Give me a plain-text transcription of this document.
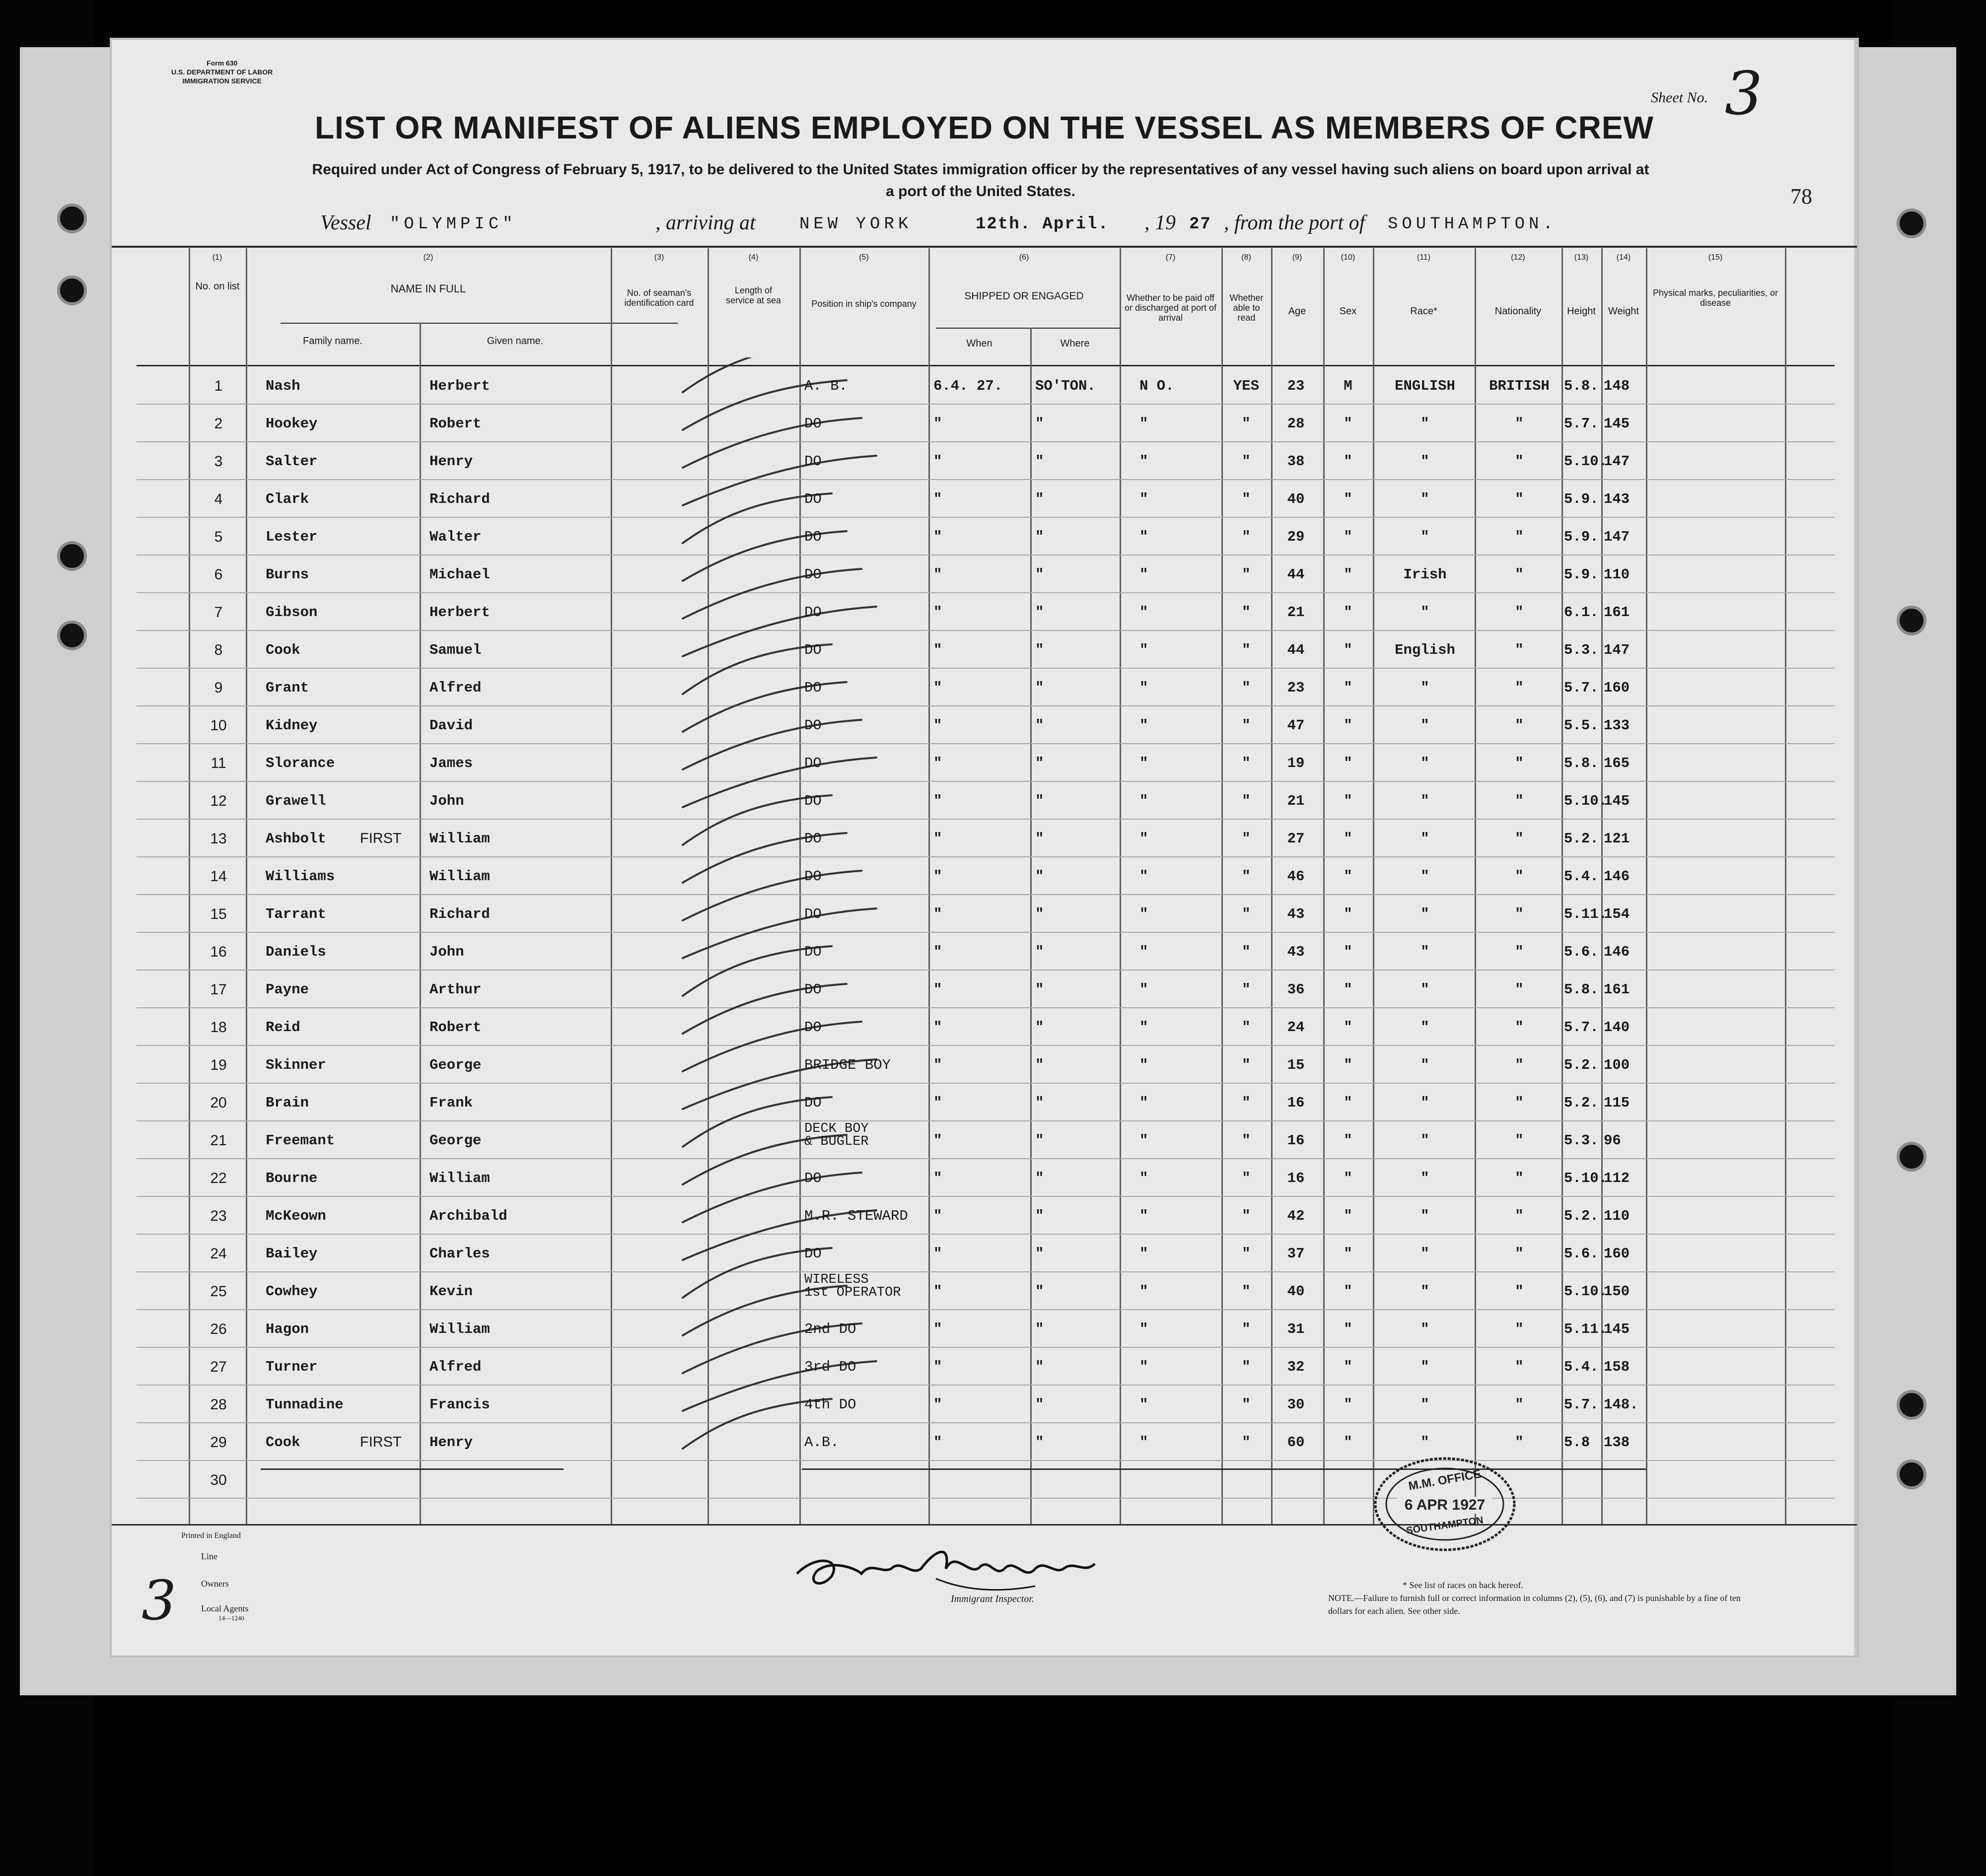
Form 630
U.S. DEPARTMENT OF LABOR
IMMIGRATION SERVICE
Sheet No. 3
78
LIST OR MANIFEST OF ALIENS EMPLOYED ON THE VESSEL AS MEMBERS OF CREW
Required under Act of Congress of February 5, 1917, to be delivered to the United States immigration officer by the representatives of any vessel having such aliens on board upon arrival at a port of the United States.
Vessel "OLYMPIC"	, arriving at	NEW YORK	12th. April. , 19 27 , from the port of SOUTHAMPTON.
(1)	(2)	(3)	(4)	(5)	(6)	(7)	(8)	(9)	(10)	(11)	(12)	(13)	(14)	(15)
No. on list	NAME IN FULL
Family name.	Given name.
No. of seaman's identification card
Length of service at sea	Position in ship's company
SHIPPED OR ENGAGED
When	Where
Whether to be paid off or discharged at port of arrival
Whether able to read
Age	Sex	Race*	Nationality	Height	Weight
Physical marks, peculiarities, or disease
1	Nash	Herbert	A. B.	6.4. 27. SO'TON.	N O.	YES	23	M	ENGLISH	BRITISH	5.8. 148
2	Hookey	Robert	DO	"	"	"	"	28	"	"	"	5.7. 145
3	Salter	Henry	DO	"	"	"	"	38	"	"	"	5.10.
147
4	Clark	Richard	DO	"	"	"	"	40	"	"	"	5.9. 143
5	Lester	Walter	DO	"	"	"	"	29	"	"	"	5.9. 147
6	Burns	Michael	DO	"	"	"	"	44	"	Irish	"	5.9. 110
7	Gibson	Herbert	DO	"	"	"	"	21	"	"	"	6.1. 161
8	Cook	Samuel	DO	"	"	"	"	44	"	English	"	5.3. 147
9	Grant	Alfred	DO	"	"	"	"	23	"	"	"	5.7. 160
10	Kidney	David	DO	"	"	"	"	47	"	"	"	5.5. 133
11	Slorance	James	DO	"	"	"	"	19	"	"	"	5.8. 165
12	Grawell	John	DO	"	"	"	"	21	"	"	"	5.10.
145
13	Ashbolt	William	DO	"	"	"	"	27	"	"	"	5.2. 121
FIRST
14	Williams	William	DO	"	"	"	"	46	"	"	"	5.4. 146
15	Tarrant	Richard	DO	"	"	"	"	43	"	"	"	5.11.
154
16	Daniels	John	DO	"	"	"	"	43	"	"	"	5.6. 146
17	Payne	Arthur	DO	"	"	"	"	36	"	"	"	5.8. 161
18	Reid	Robert	DO	"	"	"	"	24	"	"	"	5.7. 140
19	Skinner	George	BRIDGE BOY	"	"	"	"	15	"	"	"	5.2. 100
20	Brain	Frank	DO	"	"	"	"	16	"	"	"	5.2. 115
21	Freemant	George
DECK BOY
& BUGLER	"	"	"	"	16	"	"	"	5.3. 96
22	Bourne	William	DO	"	"	"	"	16	"	"	"	5.10.
112
23	McKeown	Archibald	M.R. STEWARD "	"	"	"	42	"	"	"	5.2. 110
24	Bailey	Charles	DO	"	"	"	"	37	"	"	"	5.6. 160
25	Cowhey	Kevin
WIRELESS
1st OPERATOR "	"	"	"	40	"	"	"	5.10.
150
26	Hagon	William	2nd DO	"	"	"	"	31	"	"	"	5.11.
145
27	Turner	Alfred	3rd DO	"	"	"	"	32	"	"	"	5.4. 158
28	Tunnadine	Francis	4th DO	"	"	"	"	30	"	"	"	5.7. 148.
29	Cook	Henry	A.B.	"	"	"	"	60	"	"	"	5.8 138
FIRST
30	M.M. OFFICE
6 APR 1927
SOUTHAMPTON
Printed in England
3
Line
Owners
Local Agents
14—1240
Immigrant Inspector.
* See list of races on back hereof.
NOTE.—Failure to furnish full or correct information in columns (2), (5), (6), and (7) is punishable by a fine of ten dollars for each alien. See other side.
